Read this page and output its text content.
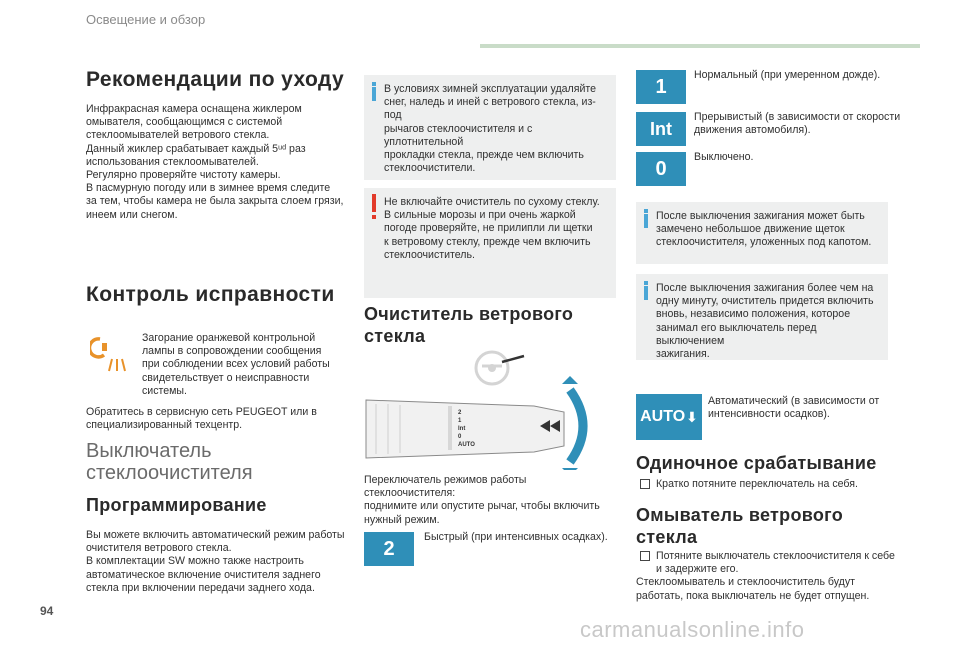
Освещение и обзор
Рекомендации по уходу

Инфракрасная камера оснащена жиклером

омывателя, сообщающимся с системой

стеклоомывателей ветрового стекла.

Данный жиклер срабатывает каждый 5ᵘᵈ раз

использования стеклоомывателей.

Регулярно проверяйте чистоту камеры.

В пасмурную погоду или в зимнее время следите

за тем, чтобы камера не была закрыта слоем грязи,

инеем или снегом.

Контроль исправности

Загорание оранжевой контрольной

лампы в сопровождении сообщения

при соблюдении всех условий работы

свидетельствует о неисправности

системы.

Обратитесь в сервисную сеть PEUGEOT или в

специализированный техцентр.

Выключатель
стеклоочистителя
Программирование

Вы можете включить автоматический режим работы

очистителя ветрового стекла.

В комплектации SW можно также настроить

автоматическое включение очистителя заднего

стекла при включении передачи заднего хода.

В условиях зимней эксплуатации удаляйте
снег, наледь и иней с ветрового стекла, из-под
рычагов стеклоочистителя и с уплотнительной
прокладки стекла, прежде чем включить
стеклоочистители.
Не включайте очиститель по сухому стеклу.
В сильные морозы и при очень жаркой
погоде проверяйте, не прилипли ли щетки
к ветровому стеклу, прежде чем включить
стеклоочиститель.
Очиститель ветрового
стекла
2
1
Int
0
AUTO

Переключатель режимов работы стеклоочистителя:

поднимите или опустите рычаг, чтобы включить

нужный режим.

2
Быстрый (при интенсивных осадках).
1
Нормальный (при умеренном дожде).
Int

Прерывистый (в зависимости от скорости

движения автомобиля).

0
Выключено.
После выключения зажигания может быть
замечено небольшое движение щеток
стеклоочистителя, уложенных под капотом.
После выключения зажигания более чем на
одну минуту, очиститель придется включить
вновь, независимо положения, которое
занимал его выключатель перед выключением
зажигания.
AUTO ⬇

Автоматический (в зависимости от

интенсивности осадков).

Одиночное срабатывание
Кратко потяните переключатель на себя.
Омыватель ветрового
стекла

Потяните выключатель стеклоочистителя к себе

и задержите его.

Стеклоомыватель и стеклоочиститель будут

работать, пока выключатель не будет отпущен.

94
carmanualsonline.info
